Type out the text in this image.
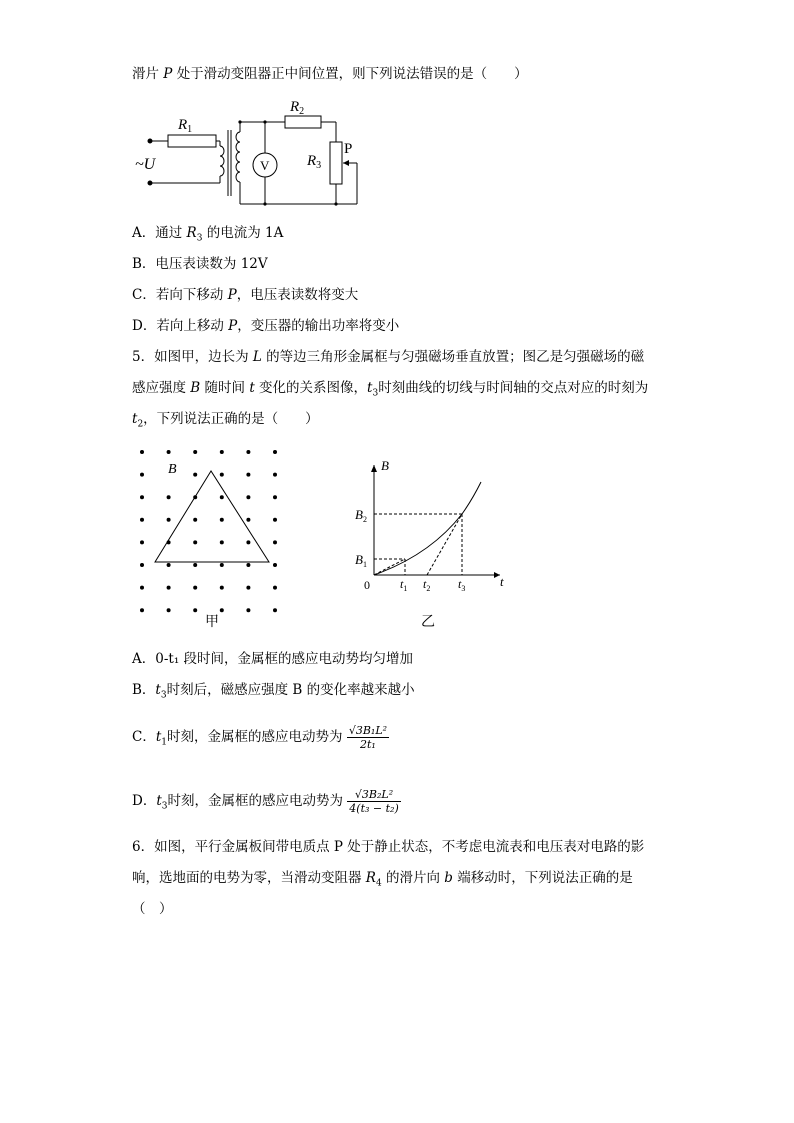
滑片 P 处于滑动变阻器正中间位置，则下列说法错误的是（　　）
$R_1$
$R_2$
$R_3$
P
~U	V
A．通过 $R_3$ 的电流为 1A
B．电压表读数为 12V
C．若向下移动 P，电压表读数将变大
D．若向上移动 P，变压器的输出功率将变小
5．如图甲，边长为 L 的等边三角形金属框与匀强磁场垂直放置；图乙是匀强磁场的磁
感应强度 B 随时间 t 变化的关系图像，$t_3$时刻曲线的切线与时间轴的交点对应的时刻为
$t_2$，下列说法正确的是（　　）
B
甲
B
t
0
$B_1$
$B_2$
$t_1$ $t_2$ $t_3$
乙
A．0-t₁ 段时间，金属框的感应电动势均匀增加
B．$t_3$时刻后，磁感应强度 B 的变化率越来越小
C．$t_1$时刻，金属框的感应电动势为 $\frac{\text{√3B₁L²}}{\text{2t₁}}$
D．$t_3$时刻，金属框的感应电动势为 $\frac{\text{√3B₂L²}}{\text{4(t₃ − t₂)}}$
6．如图，平行金属板间带电质点 P 处于静止状态，不考虑电流表和电压表对电路的影
响，选地面的电势为零，当滑动变阻器 $R_4$ 的滑片向 b 端移动时，下列说法正确的是
（　）
